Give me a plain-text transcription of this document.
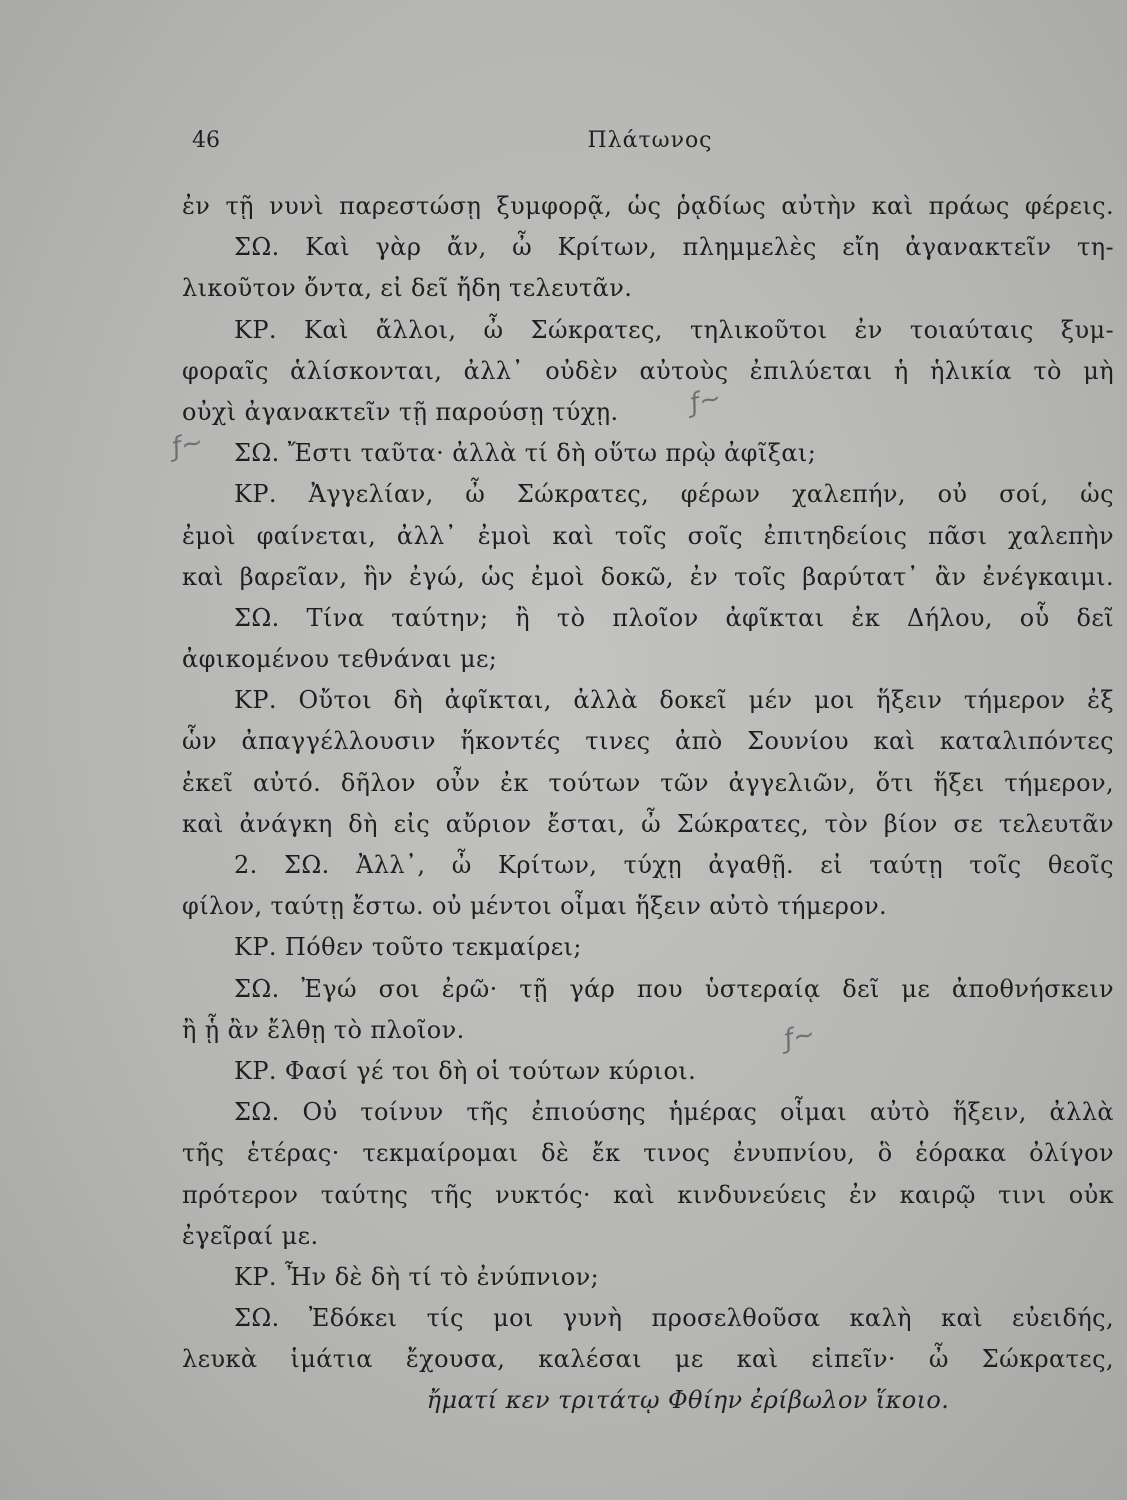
46	Πλάτωνος
ἐν τῇ νυνὶ παρεστώσῃ ξυμφορᾷ, ὡς ῥᾳδίως αὐτὴν καὶ πράως φέρεις.
ΣΩ. Καὶ γὰρ ἄν, ὦ Κρίτων, πλημμελὲς εἴη ἀγανακτεῖν τη-
λικοῦτον ὄντα, εἰ δεῖ ἤδη τελευτᾶν.
ΚΡ. Καὶ ἄλλοι, ὦ Σώκρατες, τηλικοῦτοι ἐν τοιαύταις ξυμ-
φοραῖς ἁλίσκονται, ἀλλ᾽ οὐδὲν αὐτοὺς ἐπιλύεται ἡ ἡλικία τὸ μὴ
οὐχὶ ἀγανακτεῖν τῇ παρούσῃ τύχῃ.
ΣΩ. Ἔστι ταῦτα· ἀλλὰ τί δὴ οὕτω πρῲ ἀφῖξαι;
ΚΡ. Ἀγγελίαν, ὦ Σώκρατες, φέρων χαλεπήν, οὐ σοί, ὡς
ἐμοὶ φαίνεται, ἀλλ᾽ ἐμοὶ καὶ τοῖς σοῖς ἐπιτηδείοις πᾶσι χαλεπὴν
καὶ βαρεῖαν, ἣν ἐγώ, ὡς ἐμοὶ δοκῶ, ἐν τοῖς βαρύτατ᾽ ἂν ἐνέγκαιμι.
ΣΩ. Τίνα ταύτην; ἢ τὸ πλοῖον ἀφῖκται ἐκ Δήλου, οὗ δεῖ
ἀφικομένου τεθνάναι με;
ΚΡ. Οὔτοι δὴ ἀφῖκται, ἀλλὰ δοκεῖ μέν μοι ἥξειν τήμερον ἐξ
ὧν ἀπαγγέλλουσιν ἥκοντές τινες ἀπὸ Σουνίου καὶ καταλιπόντες
ἐκεῖ αὐτό. δῆλον οὖν ἐκ τούτων τῶν ἀγγελιῶν, ὅτι ἥξει τήμερον,
καὶ ἀνάγκη δὴ εἰς αὔριον ἔσται, ὦ Σώκρατες, τὸν βίον σε τελευτᾶν
2. ΣΩ. Ἀλλ᾽, ὦ Κρίτων, τύχῃ ἀγαθῇ. εἰ ταύτῃ τοῖς θεοῖς
φίλον, ταύτῃ ἔστω. οὐ μέντοι οἶμαι ἥξειν αὐτὸ τήμερον.
ΚΡ. Πόθεν τοῦτο τεκμαίρει;
ΣΩ. Ἐγώ σοι ἐρῶ· τῇ γάρ που ὑστεραίᾳ δεῖ με ἀποθνήσκειν
ἢ ᾗ ἂν ἔλθῃ τὸ πλοῖον.
ΚΡ. Φασί γέ τοι δὴ οἱ τούτων κύριοι.
ΣΩ. Οὐ τοίνυν τῆς ἐπιούσης ἡμέρας οἶμαι αὐτὸ ἥξειν, ἀλλὰ
τῆς ἑτέρας· τεκμαίρομαι δὲ ἔκ τινος ἐνυπνίου, ὃ ἑόρακα ὀλίγον
πρότερον ταύτης τῆς νυκτός· καὶ κινδυνεύεις ἐν καιρῷ τινι οὐκ
ἐγεῖραί με.
ΚΡ. Ἦν δὲ δὴ τί τὸ ἐνύπνιον;
ΣΩ. Ἐδόκει τίς μοι γυνὴ προσελθοῦσα καλὴ καὶ εὐειδής,
λευκὰ ἱμάτια ἔχουσα, καλέσαι με καὶ εἰπεῖν· ὦ Σώκρατες,
ἤματί κεν τριτάτῳ Φθίην ἐρίβωλον ἵκοιο.
ƒ~
ƒ~
ƒ~
